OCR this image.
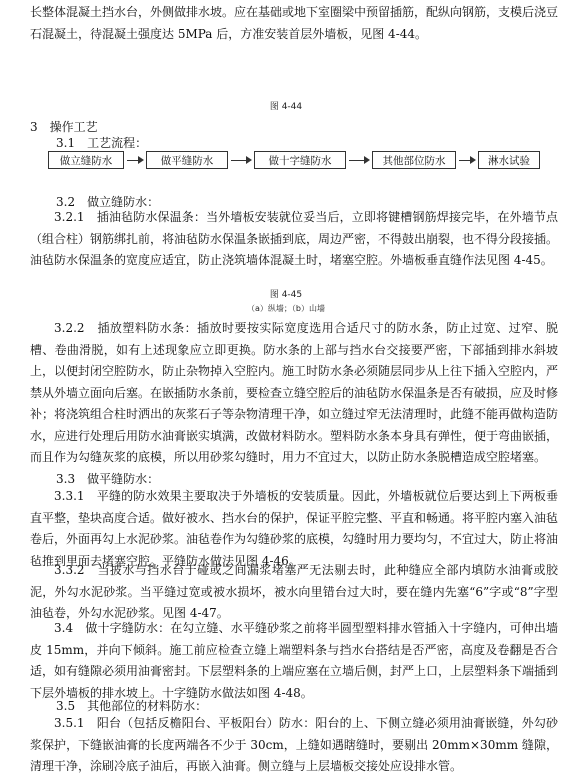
长整体混凝土挡水台，外侧做排水坡。应在基础或地下室圈梁中预留插筋，配纵向钢筋，支模后浇豆石混凝土，待混凝土强度达 5MPa 后，方准安装首层外墙板，见图 4-44。

图 4-44

3　操作工艺

3.1　工艺流程：

做立缝防水	做平缝防水	做十字缝防水	其他部位防水	淋水试验

3.2　做立缝防水：

3.2.1　插油毡防水保温条：当外墙板安装就位妥当后，立即将键槽钢筋焊接完毕，在外墙节点（组合柱）钢筋绑扎前，将油毡防水保温条嵌插到底，周边严密，不得鼓出崩裂，也不得分段接插。油毡防水保温条的宽度应适宜，防止浇筑墙体混凝土时，堵塞空腔。外墙板垂直缝作法见图 4-45。

图 4-45
（a）纵墙；（b）山墙

3.2.2　插放塑料防水条：插放时要按实际宽度选用合适尺寸的防水条，防止过宽、过窄、脱槽、卷曲滑脱，如有上述现象应立即更换。防水条的上部与挡水台交接要严密，下部插到排水斜坡上，以便封闭空腔防水，防止杂物掉入空腔内。施工时防水条必须随层同步从上往下插入空腔内，严禁从外墙立面向后塞。在嵌插防水条前，要检查立缝空腔后的油毡防水保温条是否有破损，应及时修补；将浇筑组合柱时洒出的灰浆石子等杂物清理干净，如立缝过窄无法清理时，此缝不能再做构造防水，应进行处理后用防水油膏嵌实填满，改做材料防水。塑料防水条本身具有弹性，便于弯曲嵌插，而且作为勾缝灰浆的底模，所以用砂浆勾缝时，用力不宜过大，以防止防水条脱槽造成空腔堵塞。

3.3　做平缝防水：

3.3.1　平缝的防水效果主要取决于外墙板的安装质量。因此，外墙板就位后要达到上下两板垂直平整，垫块高度合适。做好被水、挡水台的保护，保证平腔完整、平直和畅通。将平腔内塞入油毡卷后，外面再勾上水泥砂浆。油毡卷作为勾缝砂浆的底模，勾缝时用力要均匀，不宜过大，防止将油毡推到里面去堵塞空腔。平缝防水做法见图 4-46。

3.3.2　当披水与挡水台于碰或之间漏浆堵塞严无法剔去时，此种缝应全部内填防水油膏或胶泥，外勾水泥砂浆。当平缝过宽或被水损坏，被水向里错台过大时，要在缝内先塞“6”字或“8”字型油毡卷，外勾水泥砂浆。见图 4-47。

3.4　做十字缝防水：在勾立缝、水平缝砂浆之前将半圆型塑料排水管插入十字缝内，可伸出墙皮 15mm，并向下倾斜。施工前应检查立缝上端塑料条与挡水台搭结是否严密，高度及卷翻是否合适，如有缝隙必须用油膏密封。下层塑料条的上端应塞在立墙后侧，封严上口，上层塑料条下端插到下层外墙板的排水坡上。十字缝防水做法如图 4-48。

3.5　其他部位的材料防水：

3.5.1　阳台（包括反檐阳台、平板阳台）防水：阳台的上、下侧立缝必须用油膏嵌缝，外勾砂浆保护，下缝嵌油膏的长度两端各不少于 30cm，上缝如遇瞎缝时，要剔出 20mm×30mm 缝隙，清理干净，涂刷冷底子油后，再嵌入油膏。侧立缝与上层墙板交接处应设排水管。
